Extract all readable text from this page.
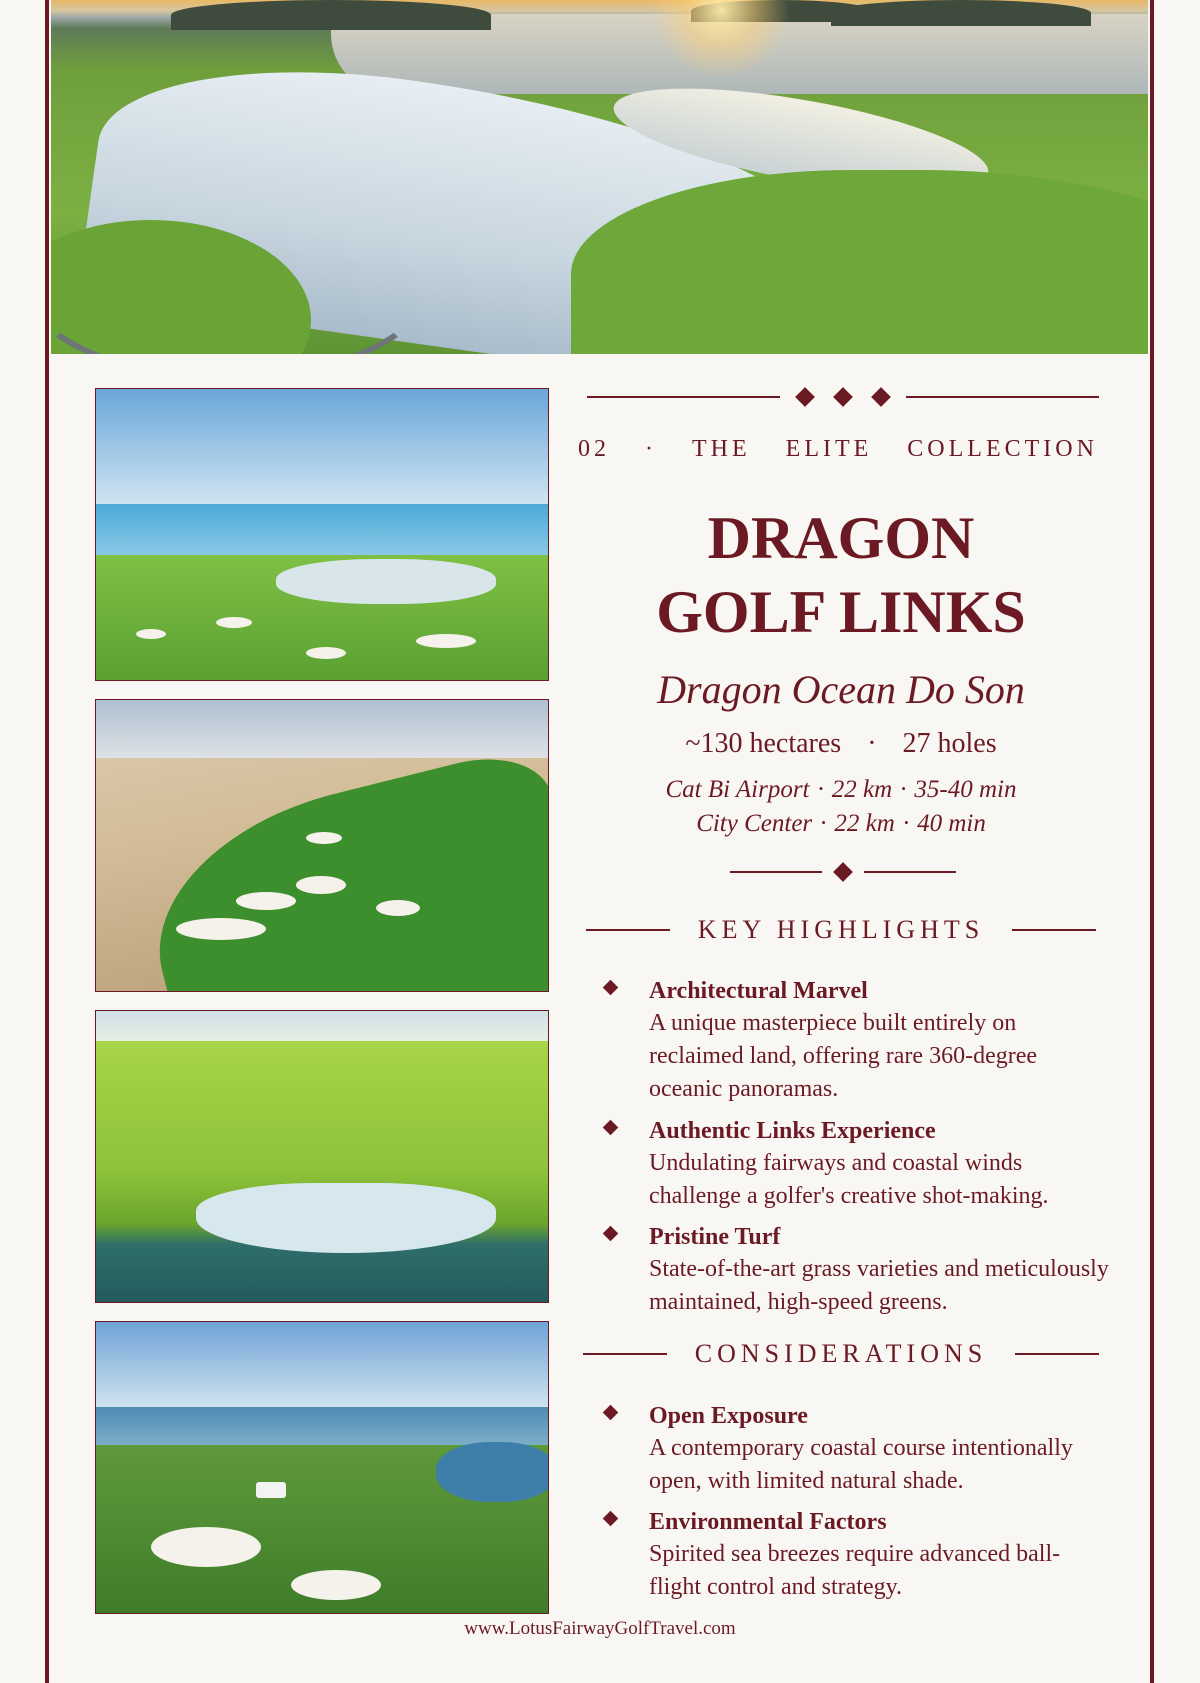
02 · THE ELITE COLLECTION
DRAGON
GOLF LINKS
Dragon Ocean Do Son
~130 hectares · 27 holes
Cat Bi Airport · 22 km · 35-40 min
City Center · 22 km · 40 min
KEY HIGHLIGHTS
Architectural Marvel
A unique masterpiece built entirely on reclaimed land, offering rare 360-degree oceanic panoramas.
Authentic Links Experience
Undulating fairways and coastal winds challenge a golfer's creative shot-making.
Pristine Turf
State-of-the-art grass varieties and meticulously maintained, high-speed greens.
CONSIDERATIONS
Open Exposure
A contemporary coastal course intentionally open, with limited natural shade.
Environmental Factors
Spirited sea breezes require advanced ball-flight control and strategy.
www.LotusFairwayGolfTravel.com
